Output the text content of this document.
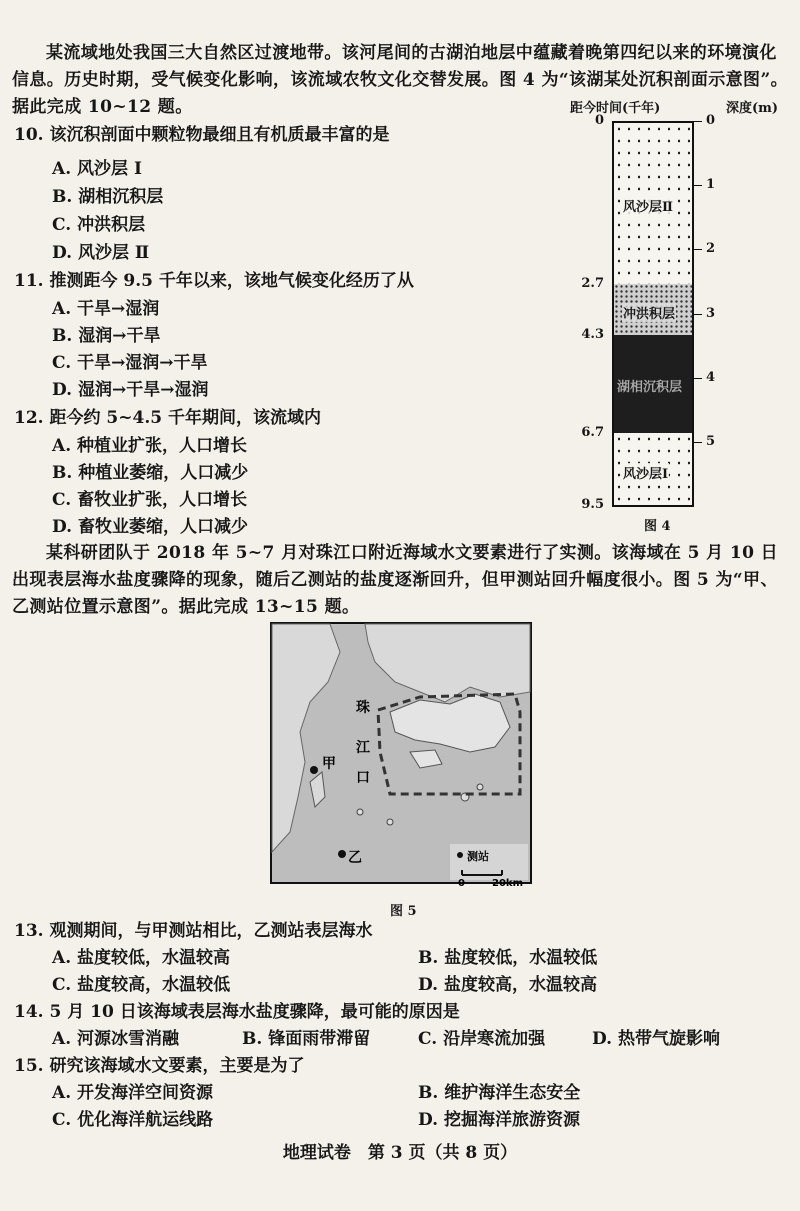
某流域地处我国三大自然区过渡地带。该河尾间的古湖泊地层中蕴藏着晚第四纪以来的环境演化信息。历史时期，受气候变化影响，该流域农牧文化交替发展。图 4 为“该湖某处沉积剖面示意图”。据此完成 10~12 题。
10. 该沉积剖面中颗粒物最细且有机质最丰富的是
A. 风沙层 Ⅰ
B. 湖相沉积层
C. 冲洪积层
D. 风沙层 Ⅱ
11. 推测距今 9.5 千年以来，该地气候变化经历了从
A. 干旱→湿润
B. 湿润→干旱
C. 干旱→湿润→干旱
D. 湿润→干旱→湿润
12. 距今约 5~4.5 千年期间，该流域内
A. 种植业扩张，人口增长
B. 种植业萎缩，人口减少
C. 畜牧业扩张，人口增长
D. 畜牧业萎缩，人口减少
距今时间(千年)	深度(m)
风沙层Ⅱ
冲洪积层
湖相沉积层
风沙层Ⅰ
0
2.7
4.3
6.7
9.5
0
1
2
3
4
5
图 4
某科研团队于 2018 年 5~7 月对珠江口附近海域水文要素进行了实测。该海域在 5 月 10 日出现表层海水盐度骤降的现象，随后乙测站的盐度逐渐回升，但甲测站回升幅度很小。图 5 为“甲、乙测站位置示意图”。据此完成 13~15 题。
珠
江
口
甲
乙	测站
0	20km
图 5
13. 观测期间，与甲测站相比，乙测站表层海水
A. 盐度较低，水温较高	B. 盐度较低，水温较低
C. 盐度较高，水温较低	D. 盐度较高，水温较高
14. 5 月 10 日该海域表层海水盐度骤降，最可能的原因是
A. 河源冰雪消融	B. 锋面雨带滞留	C. 沿岸寒流加强	D. 热带气旋影响
15. 研究该海域水文要素，主要是为了
A. 开发海洋空间资源	B. 维护海洋生态安全
C. 优化海洋航运线路	D. 挖掘海洋旅游资源
地理试卷　第 3 页（共 8 页）
